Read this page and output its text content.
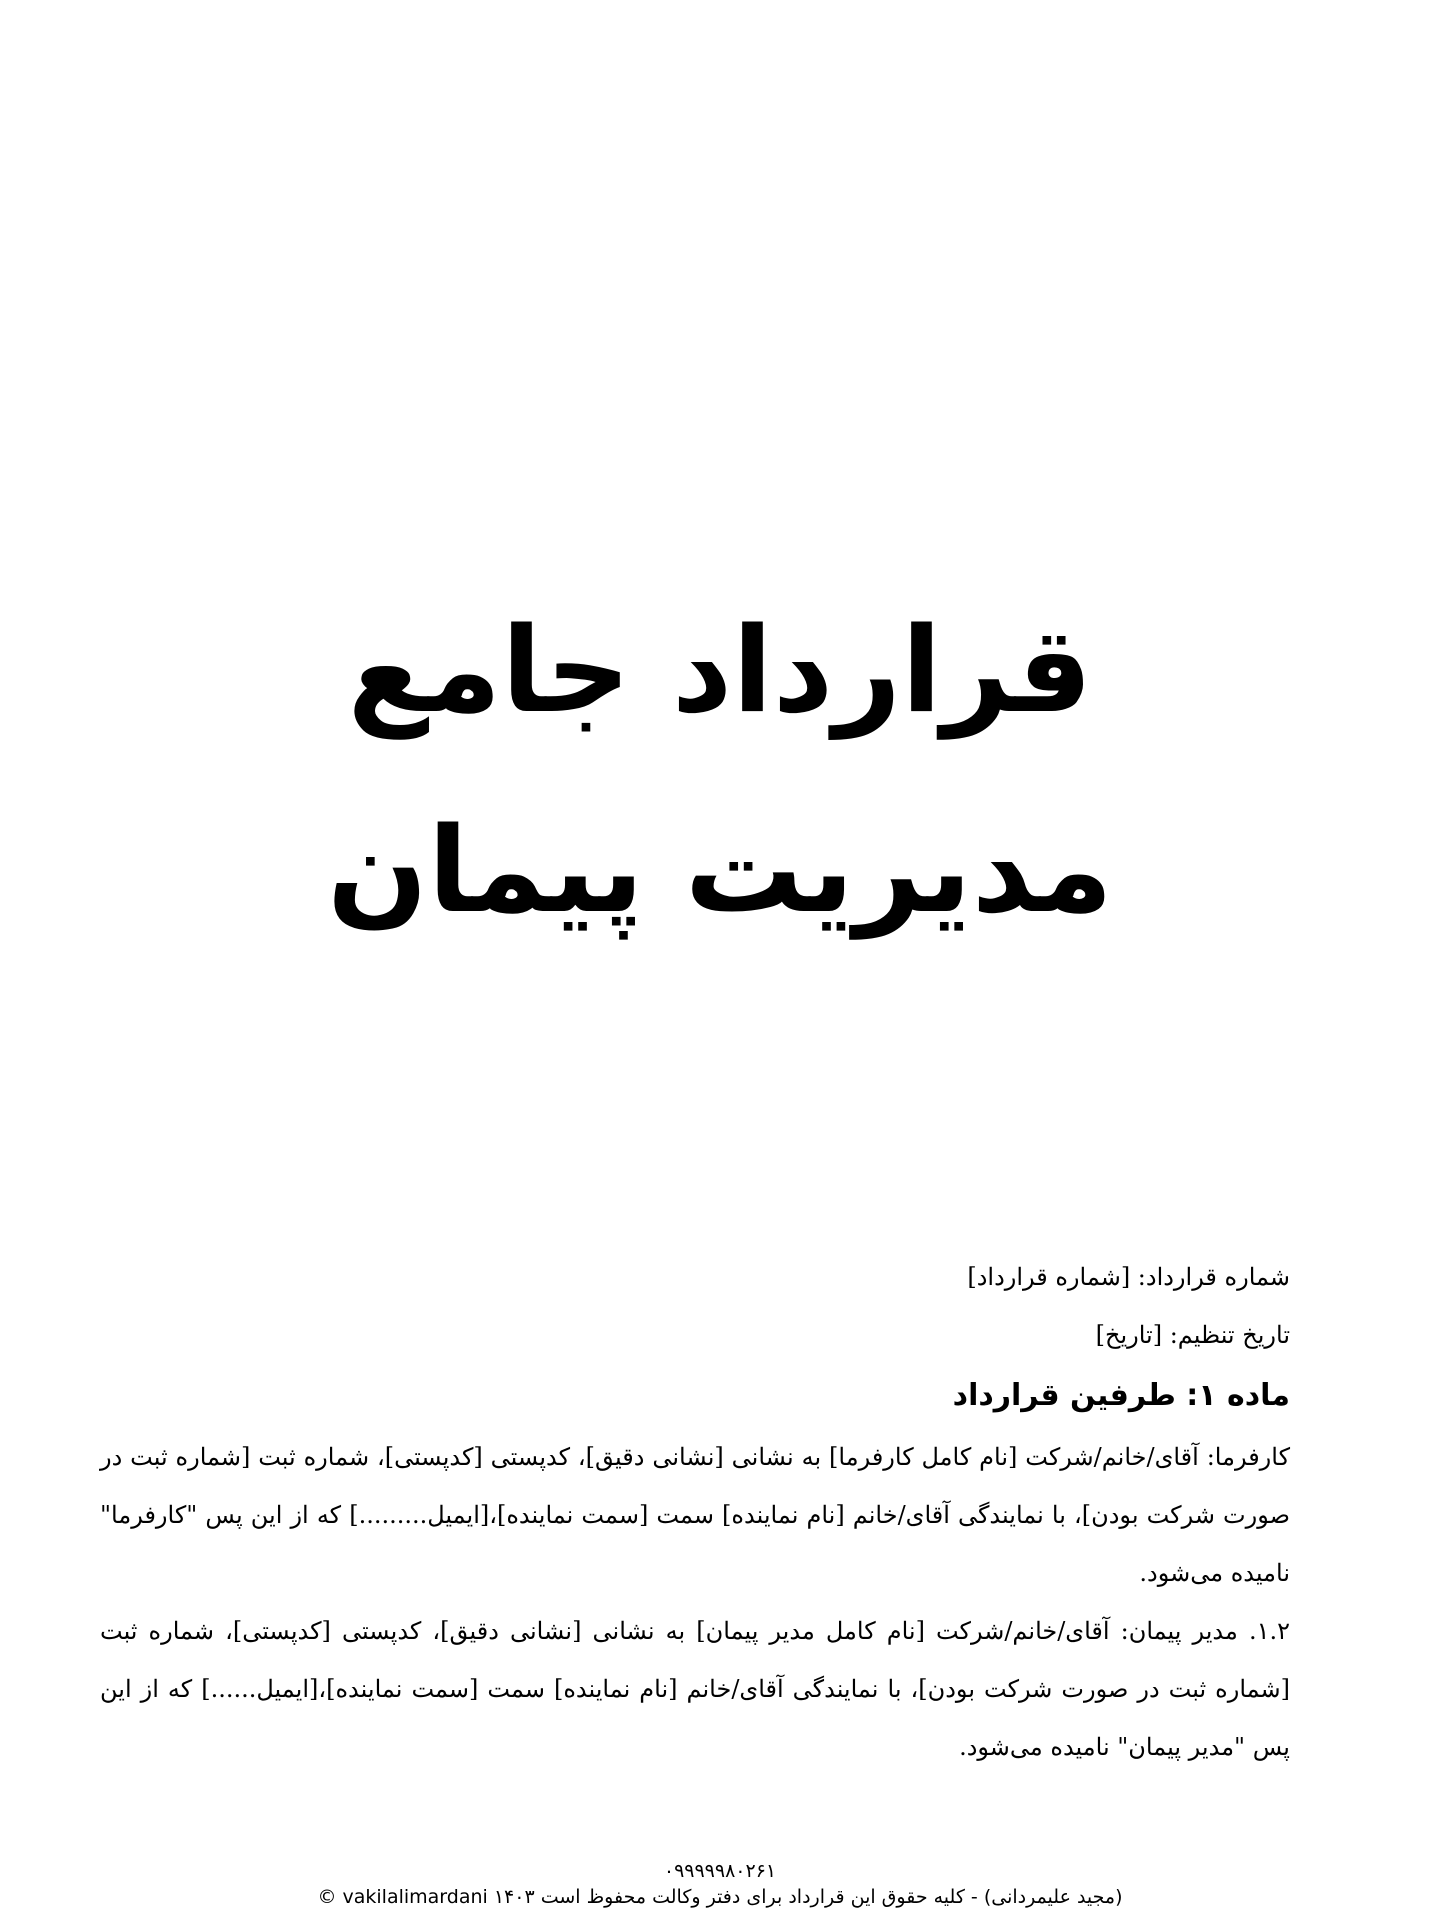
قرارداد جامع

مدیریت پیمان

شماره قرارداد: [شماره قرارداد]

تاریخ تنظیم: [تاریخ]

ماده ۱: طرفین قرارداد

کارفرما: آقای/خانم/شرکت [نام کامل کارفرما] به نشانی [نشانی دقیق]، کدپستی [کدپستی]، شماره ثبت [شماره ثبت در صورت شرکت بودن]، با نمایندگی آقای/خانم [نام نماینده] سمت [سمت نماینده]،[ایمیل.........] که از این پس "کارفرما" نامیده می‌شود.

۱.۲. مدیر پیمان: آقای/خانم/شرکت [نام کامل مدیر پیمان] به نشانی [نشانی دقیق]، کدپستی [کدپستی]، شماره ثبت [شماره ثبت در صورت شرکت بودن]، با نمایندگی آقای/خانم [نام نماینده] سمت [سمت نماینده]،[ایمیل......] که از این پس "مدیر پیمان" نامیده می‌شود.

۰۹۹۹۹۹۸۰۲۶۱
(مجید علیمردانی) - کلیه حقوق این قرارداد برای دفتر وکالت محفوظ است vakilalimardani ۱۴۰۳ ©
